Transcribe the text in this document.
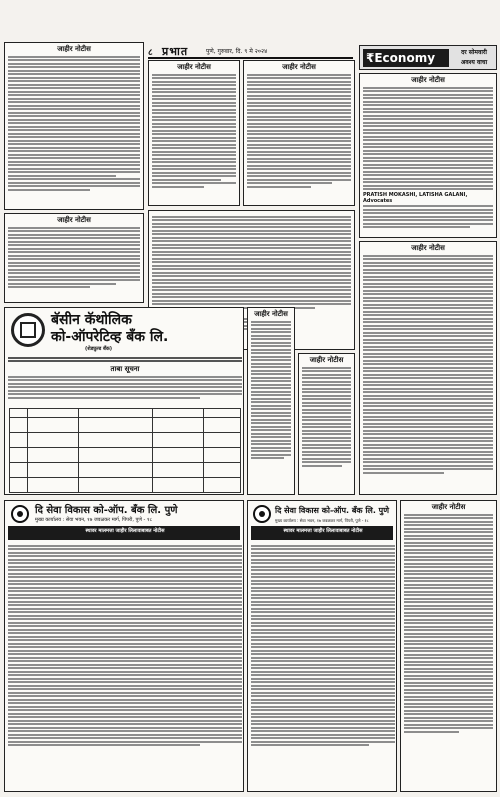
जाहीर नोटीस	८ प्रभात	पुणे, गुरुवार, दि. ९ मे २०२४
जाहीर नोटीस	जाहीर नोटीस
₹Economy	दर सोमवारी
अवश्य वाचा
जाहीर नोटीस
PRATISH MOKASHI, LATISHA GALANI, Advocates
जाहीर नोटीस
बॅसीन कॅथोलिक
को-ऑपरेटिव्ह बँक लि.
(शेड्युल्ड बँक)
ताबा सूचना

जाहीर नोटीस
जाहीर नोटीस
जाहीर नोटीस
दि सेवा विकास को-ऑप. बँक लि. पुणे
मुख्य कार्यालय : सेवा भवन, १७ जवळकर मार्ग, पिंपरी, पुणे - १८
स्थावर मालमत्ता जाहीर लिलावाबाबत नोटीस
दि सेवा विकास को-ऑप. बँक लि. पुणे
मुख्य कार्यालय : सेवा भवन, १७ जवळकर मार्ग, पिंपरी, पुणे - १८
स्थावर मालमत्ता जाहीर लिलावाबाबत नोटीस
जाहीर नोटीस
